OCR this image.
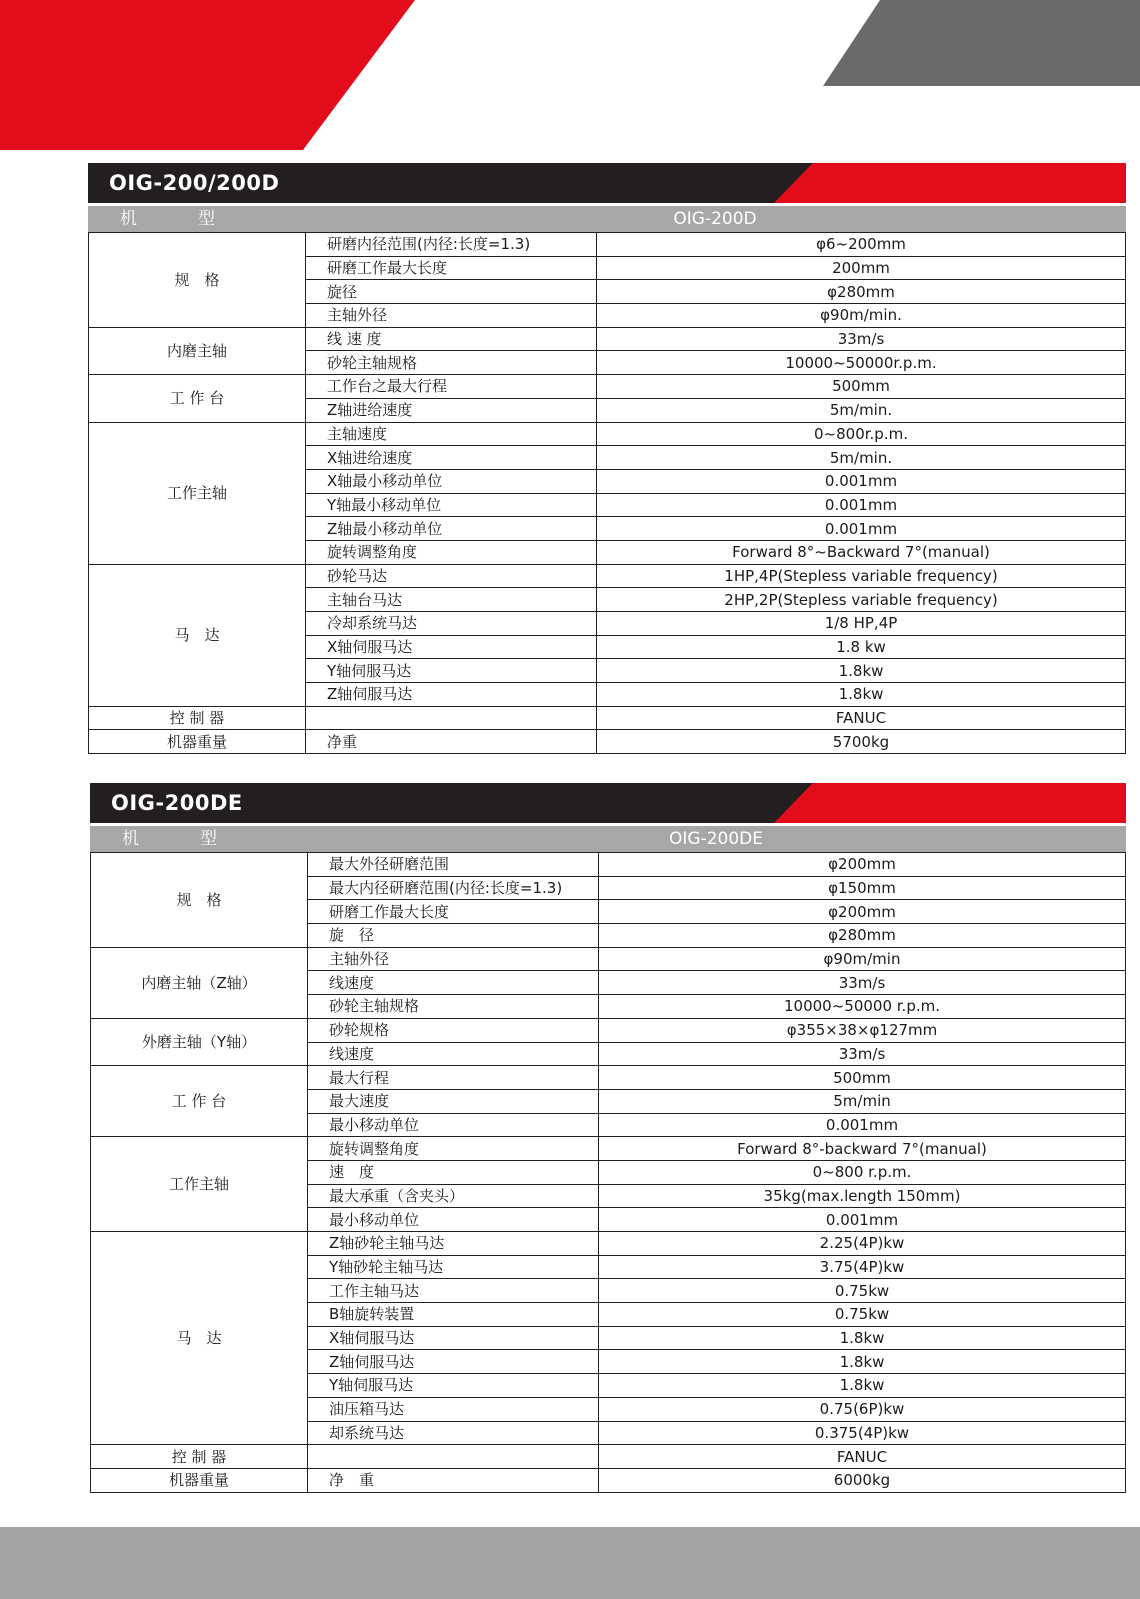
OIG-200/200D
机　型	OIG-200D
规　格	研磨内径范围(内径:长度=1.3)	φ6~200mm
	研磨工作最大长度	200mm
	旋径	φ280mm
	主轴外径	φ90m/min.
内磨主轴	线 速 度	33m/s
	砂轮主轴规格	10000~50000r.p.m.
工 作 台	工作台之最大行程	500mm
	Z轴进给速度	5m/min.
工作主轴	主轴速度	0~800r.p.m.
	X轴进给速度	5m/min.
	X轴最小移动单位	0.001mm
	Y轴最小移动单位	0.001mm
	Z轴最小移动单位	0.001mm
	旋转调整角度	Forward 8°~Backward 7°(manual)
马　达	砂轮马达	1HP,4P(Stepless variable frequency)
	主轴台马达	2HP,2P(Stepless variable frequency)
	冷却系统马达	1/8 HP,4P
	X轴伺服马达	1.8 kw
	Y轴伺服马达	1.8kw
	Z轴伺服马达	1.8kw
控 制 器		FANUC
机器重量	净重	5700kg
OIG-200DE
机　型	OIG-200DE
规　格	最大外径研磨范围	φ200mm
	最大内径研磨范围(内径:长度=1.3)	φ150mm
	研磨工作最大长度	φ200mm
	旋　径	φ280mm
内磨主轴（Z轴）	主轴外径	φ90m/min
	线速度	33m/s
	砂轮主轴规格	10000~50000 r.p.m.
外磨主轴（Y轴）	砂轮规格	φ355×38×φ127mm
	线速度	33m/s
工 作 台	最大行程	500mm
	最大速度	5m/min
	最小移动单位	0.001mm
工作主轴	旋转调整角度	Forward 8°-backward 7°(manual)
	速　度	0~800 r.p.m.
	最大承重（含夹头）	35kg(max.length 150mm)
	最小移动单位	0.001mm
马　达	Z轴砂轮主轴马达	2.25(4P)kw
	Y轴砂轮主轴马达	3.75(4P)kw
	工作主轴马达	0.75kw
	B轴旋转装置	0.75kw
	X轴伺服马达	1.8kw
	Z轴伺服马达	1.8kw
	Y轴伺服马达	1.8kw
	油压箱马达	0.75(6P)kw
	却系统马达	0.375(4P)kw
控 制 器		FANUC
机器重量	净　重	6000kg
